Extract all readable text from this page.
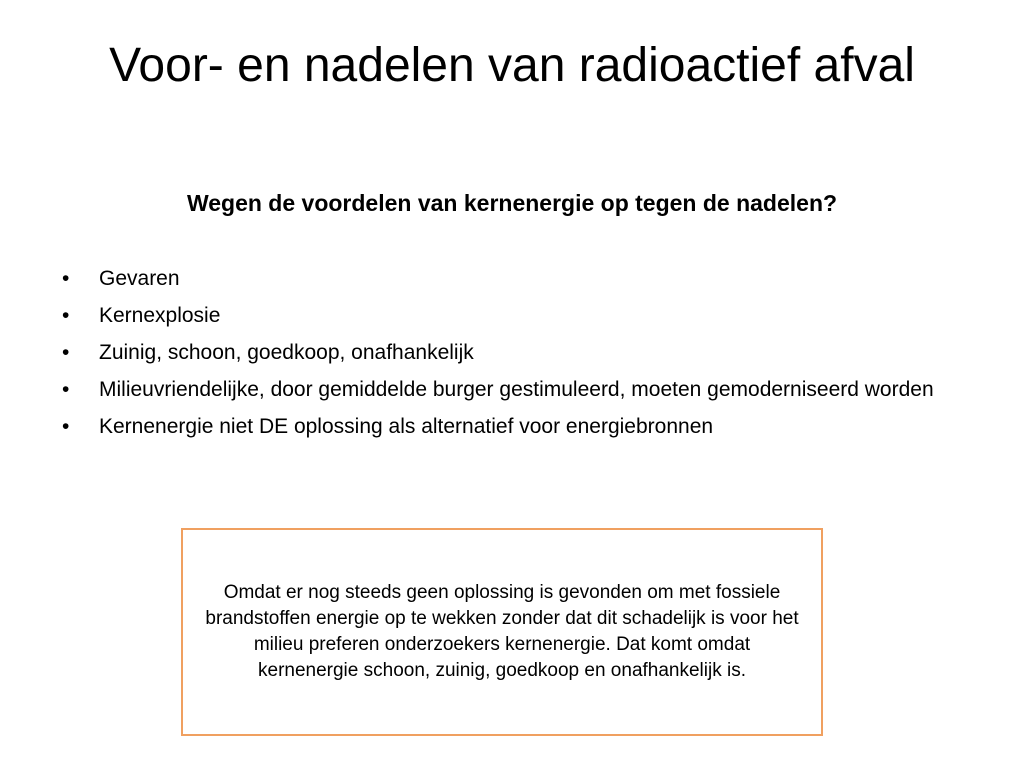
Voor- en nadelen van radioactief afval

Wegen de voordelen van kernenergie op tegen de nadelen?

•	Gevaren
•	Kernexplosie
•	Zuinig, schoon, goedkoop, onafhankelijk
•	Milieuvriendelijke, door gemiddelde burger gestimuleerd, moeten gemoderniseerd worden
•	Kernenergie niet DE oplossing als alternatief voor energiebronnen

Omdat er nog steeds geen oplossing is gevonden om met fossiele brandstoffen energie op te wekken zonder dat dit schadelijk is voor het milieu preferen onderzoekers kernenergie. Dat komt omdat kernenergie schoon, zuinig, goedkoop en onafhankelijk is.
